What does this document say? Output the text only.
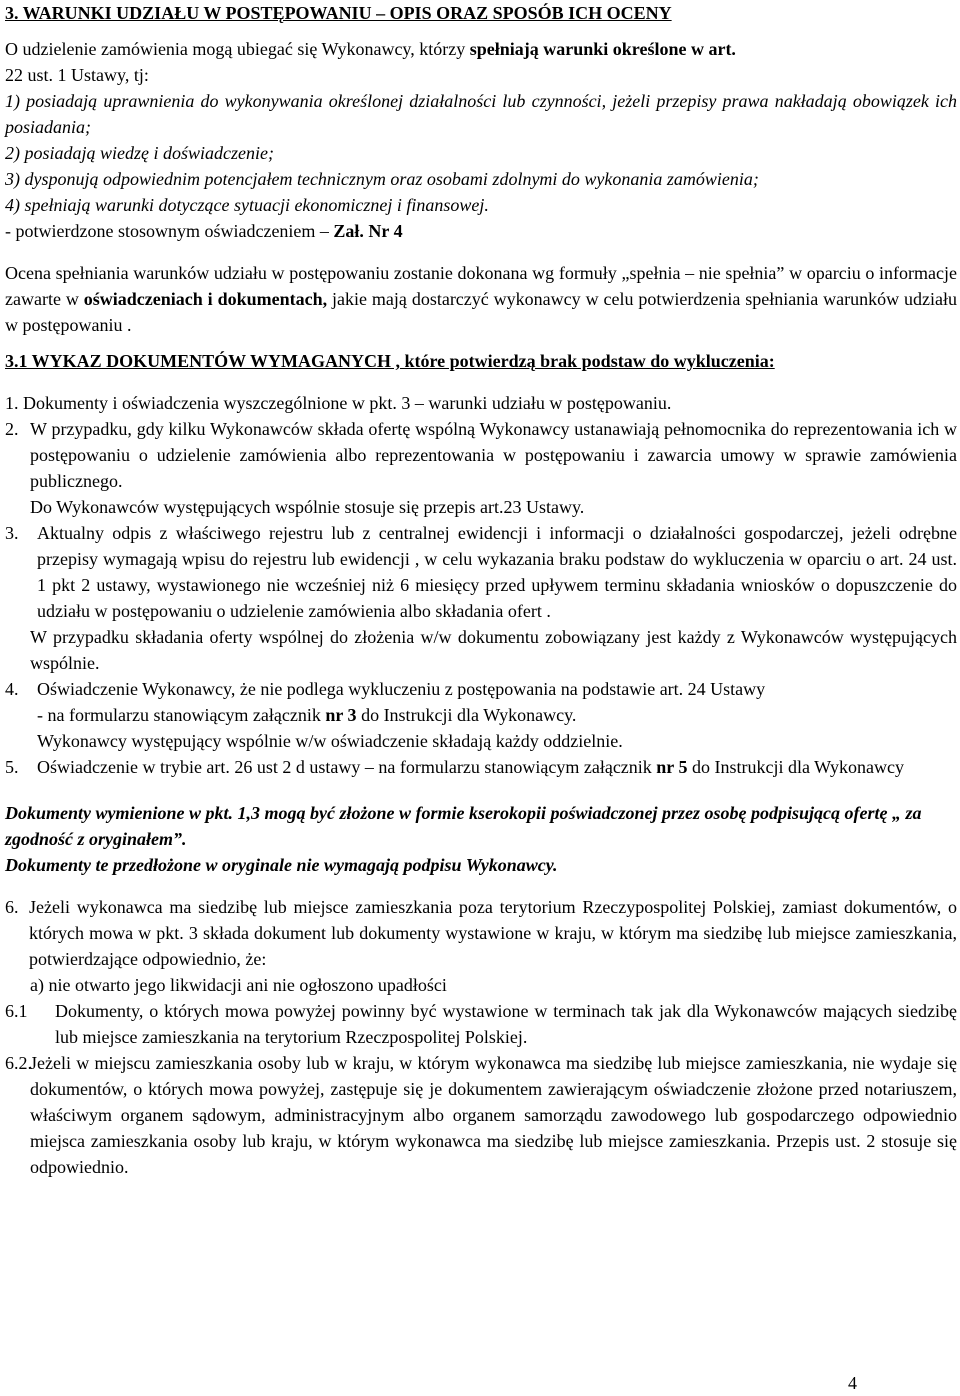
3. WARUNKI UDZIAŁU W POSTĘPOWANIU – OPIS ORAZ SPOSÓB ICH OCENY

O udzielenie zamówienia mogą ubiegać się Wykonawcy, którzy spełniają warunki określone w art.
22 ust. 1 Ustawy, tj:

1) posiadają uprawnienia do wykonywania określonej działalności lub czynności, jeżeli przepisy prawa nakładają obowiązek ich posiadania;

2) posiadają wiedzę i doświadczenie;

3) dysponują odpowiednim potencjałem technicznym oraz osobami zdolnymi do wykonania zamówienia;

4) spełniają warunki dotyczące sytuacji ekonomicznej i finansowej.

- potwierdzone stosownym oświadczeniem – Zał. Nr 4

Ocena spełniania warunków udziału w postępowaniu zostanie dokonana wg formuły „spełnia – nie spełnia” w oparciu o informacje zawarte w oświadczeniach i dokumentach, jakie mają dostarczyć wykonawcy w celu potwierdzenia spełniania warunków udziału w postępowaniu .

3.1 WYKAZ DOKUMENTÓW WYMAGANYCH , które potwierdzą brak podstaw do wykluczenia:

1. Dokumenty i oświadczenia wyszczególnione w pkt. 3 – warunki udziału w postępowaniu.

2. W przypadku, gdy kilku Wykonawców składa ofertę wspólną Wykonawcy ustanawiają pełnomocnika do reprezentowania ich w postępowaniu o udzielenie zamówienia albo reprezentowania w postępowaniu i zawarcia umowy w sprawie zamówienia publicznego.

Do Wykonawców występujących wspólnie stosuje się przepis art.23 Ustawy.

3.	Aktualny odpis z właściwego rejestru lub z centralnej ewidencji i informacji o działalności gospodarczej, jeżeli odrębne przepisy wymagają wpisu do rejestru lub ewidencji , w celu wykazania braku podstaw do wykluczenia w oparciu o art. 24 ust. 1 pkt 2 ustawy, wystawionego nie wcześniej niż 6 miesięcy przed upływem terminu składania wniosków o dopuszczenie do udziału w postępowaniu o udzielenie zamówienia albo składania ofert .

W przypadku składania oferty wspólnej do złożenia w/w dokumentu zobowiązany jest każdy z Wykonawców występujących wspólnie.

4.	Oświadczenie Wykonawcy, że nie podlega wykluczeniu z postępowania na podstawie art. 24 Ustawy

- na formularzu stanowiącym załącznik nr 3 do Instrukcji dla Wykonawcy.

Wykonawcy występujący wspólnie w/w oświadczenie składają każdy oddzielnie.

5.	Oświadczenie w trybie art. 26 ust 2 d ustawy – na formularzu stanowiącym załącznik nr 5 do Instrukcji dla Wykonawcy

Dokumenty wymienione w pkt. 1,3 mogą być złożone w formie kserokopii poświadczonej przez osobę podpisującą ofertę „ za zgodność z oryginałem”.

Dokumenty te przedłożone w oryginale nie wymagają podpisu Wykonawcy.

6. Jeżeli wykonawca ma siedzibę lub miejsce zamieszkania poza terytorium Rzeczypospolitej Polskiej, zamiast dokumentów, o których mowa w pkt. 3 składa dokument lub dokumenty wystawione w kraju, w którym ma siedzibę lub miejsce zamieszkania, potwierdzające odpowiednio, że:

a) nie otwarto jego likwidacji ani nie ogłoszono upadłości

6.1	Dokumenty, o których mowa powyżej powinny być wystawione w terminach tak jak dla Wykonawców mających siedzibę lub miejsce zamieszkania na terytorium Rzeczpospolitej Polskiej.
6.2.
Jeżeli w miejscu zamieszkania osoby lub w kraju, w którym wykonawca ma siedzibę lub miejsce zamieszkania, nie wydaje się dokumentów, o których mowa powyżej, zastępuje się je dokumentem zawierającym oświadczenie złożone przed notariuszem, właściwym organem sądowym, administracyjnym albo organem samorządu zawodowego lub gospodarczego odpowiednio miejsca zamieszkania osoby lub kraju, w którym wykonawca ma siedzibę lub miejsce zamieszkania. Przepis ust. 2 stosuje się odpowiednio.
4
